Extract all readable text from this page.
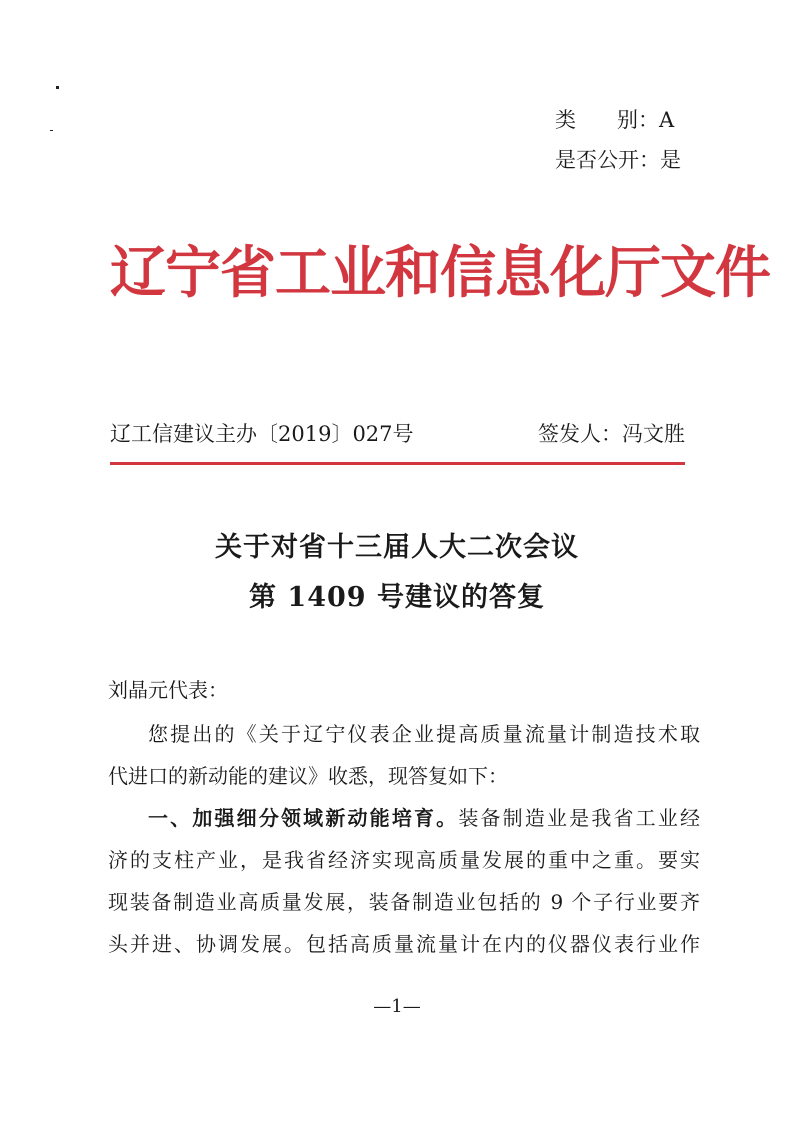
类 别：A
是否公开：是
辽宁省工业和信息化厅文件
辽工信建议主办〔2019〕027号	签发人：冯文胜
关于对省十三届人大二次会议
第 1409 号建议的答复
刘晶元代表：
您提出的《关于辽宁仪表企业提高质量流量计制造技术取
代进口的新动能的建议》收悉，现答复如下：
一、加强细分领域新动能培育。装备制造业是我省工业经
济的支柱产业，是我省经济实现高质量发展的重中之重。要实
现装备制造业高质量发展，装备制造业包括的 9 个子行业要齐
头并进、协调发展。包括高质量流量计在内的仪器仪表行业作
—1—
